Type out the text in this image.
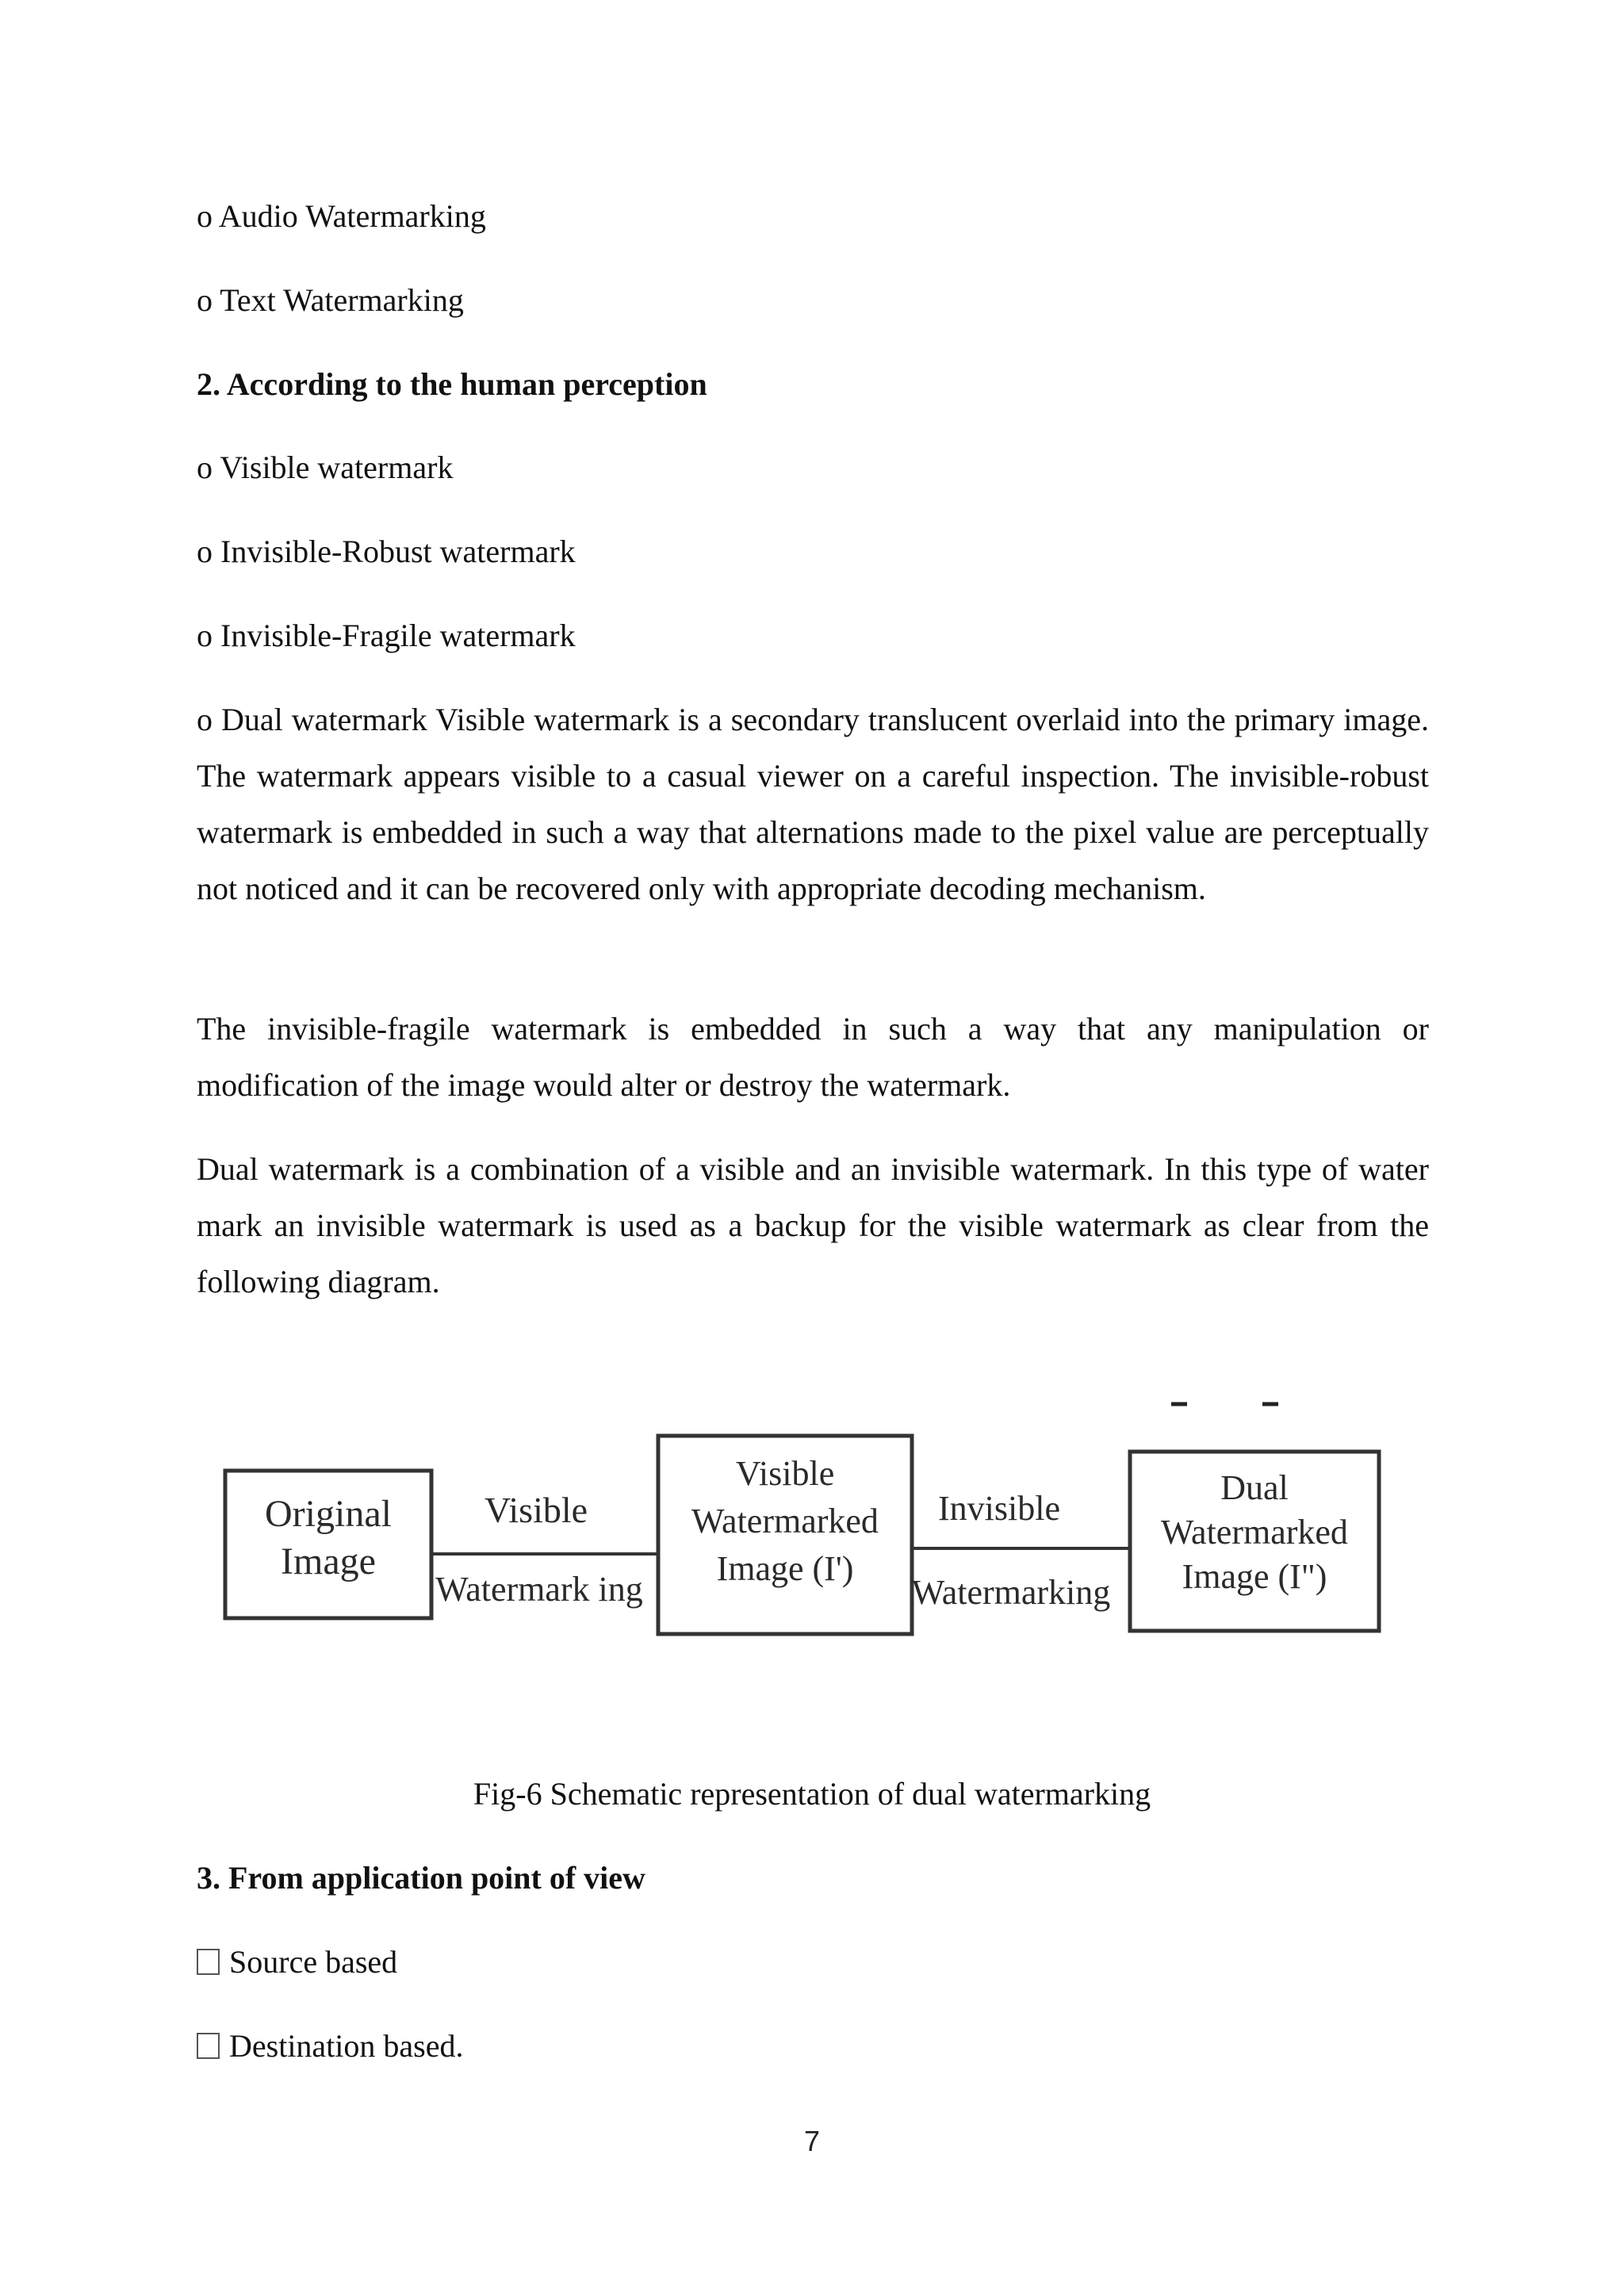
o Audio Watermarking

o Text Watermarking

2. According to the human perception

o Visible watermark

o Invisible-Robust watermark

o Invisible-Fragile watermark

o Dual watermark Visible watermark is a secondary translucent overlaid into the primary image. The watermark appears visible to a casual viewer on a careful inspection. The invisible-robust watermark is embedded in such a way that alternations made to the pixel value are perceptually not noticed and it can be recovered only with appropriate decoding mechanism.

The invisible-fragile watermark is embedded in such a way that any manipulation or modification of the image would alter or destroy the watermark.

Dual watermark is a combination of a visible and an invisible watermark. In this type of water mark an invisible watermark is used as a backup for the visible watermark as clear from the following diagram.

Original
Image
Visible
Watermark ing
Visible
Watermarked
Image (I')
Invisible
Watermarking
Dual
Watermarked
Image (I")
Fig-6 Schematic representation of dual watermarking

3. From application point of view

Source based

Destination based.

7
